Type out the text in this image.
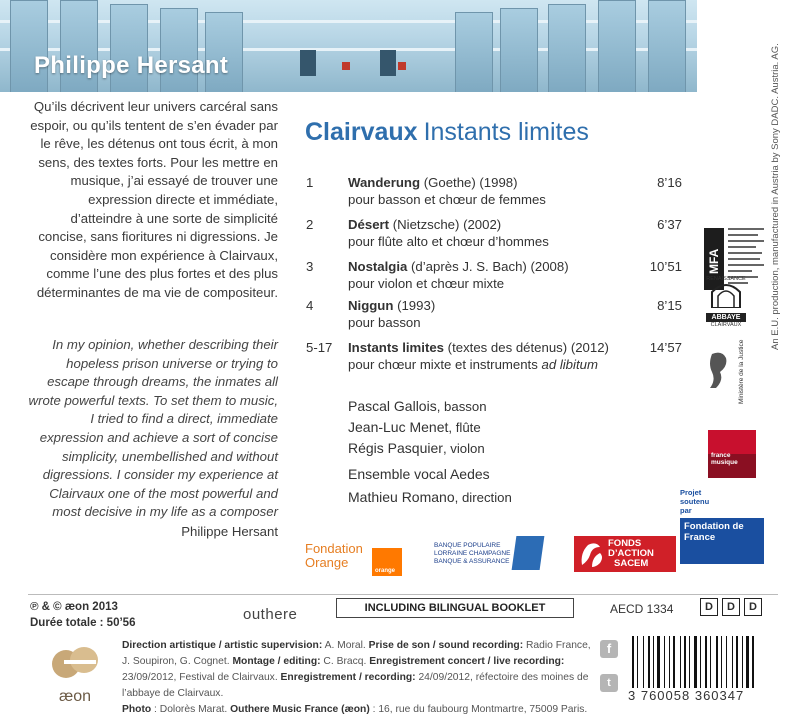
Philippe Hersant
Qu’ils décrivent leur univers carcéral sans espoir, ou qu’ils tentent de s’en évader par le rêve, les détenus ont tous écrit, à mon sens, des textes forts. Pour les mettre en musique, j’ai essayé de trouver une expression directe et immédiate, d’atteindre à une sorte de simplicité concise, sans fioritures ni digressions. Je considère mon expérience à Clairvaux, comme l’une des plus fortes et des plus déterminantes de ma vie de compositeur.
In my opinion, whether describing their hopeless prison universe or trying to escape through dreams, the inmates all wrote powerful texts. To set them to music, I tried to find a direct, immediate expression and achieve a sort of concise simplicity, unembellished and without digressions. I consider my experience at Clairvaux one of the most powerful and most decisive in my life as a composer
Philippe Hersant
Clairvaux Instants limites
1	Wanderung (Goethe) (1998)
pour basson et chœur de femmes
8’16
2	Désert (Nietzsche) (2002)
pour flûte alto et chœur d’hommes
6’37
3	Nostalgia (d’après J. S. Bach) (2008)
pour violon et chœur mixte
10’51
4	Niggun (1993)
pour basson
8’15
5-17 Instants limites (textes des détenus) (2012)
pour chœur mixte et instruments ad libitum
14’57
Pascal Gallois, basson
Jean-Luc Menet, flûte
Régis Pasquier, violon
Ensemble vocal Aedes
Mathieu Romano, direction
An E.U. production, manufactured in Austria by Sony DADC. Austria. AG.
MFA
RENAISSANCE
ABBAYE
CLAIRVAUX
Ministère de la Justice
france musique
Projet soutenu par
Fondation de France
Fondation
Orange
orange
BANQUE POPULAIRE
LORRAINE CHAMPAGNE
BANQUE & ASSURANCE
FONDS
D’ACTION
SACEM
℗ & © æon 2013
Durée totale : 50’56	outhere	INCLUDING BILINGUAL BOOKLET	AECD 1334	D	D	D
æon
Direction artistique / artistic supervision: A. Moral. Prise de son / sound recording: Radio France, J. Soupiron, G. Cognet. Montage / editing: C. Bracq. Enregistrement concert / live recording: 23/09/2012, Festival de Clairvaux. Enregistrement / recording: 24/09/2012, réfectoire des moines de l’abbaye de Clairvaux.
Photo : Dolorès Marat. Outhere Music France (æon) : 16, rue du faubourg Montmartre, 75009 Paris.
f
t
3 760058 360347
